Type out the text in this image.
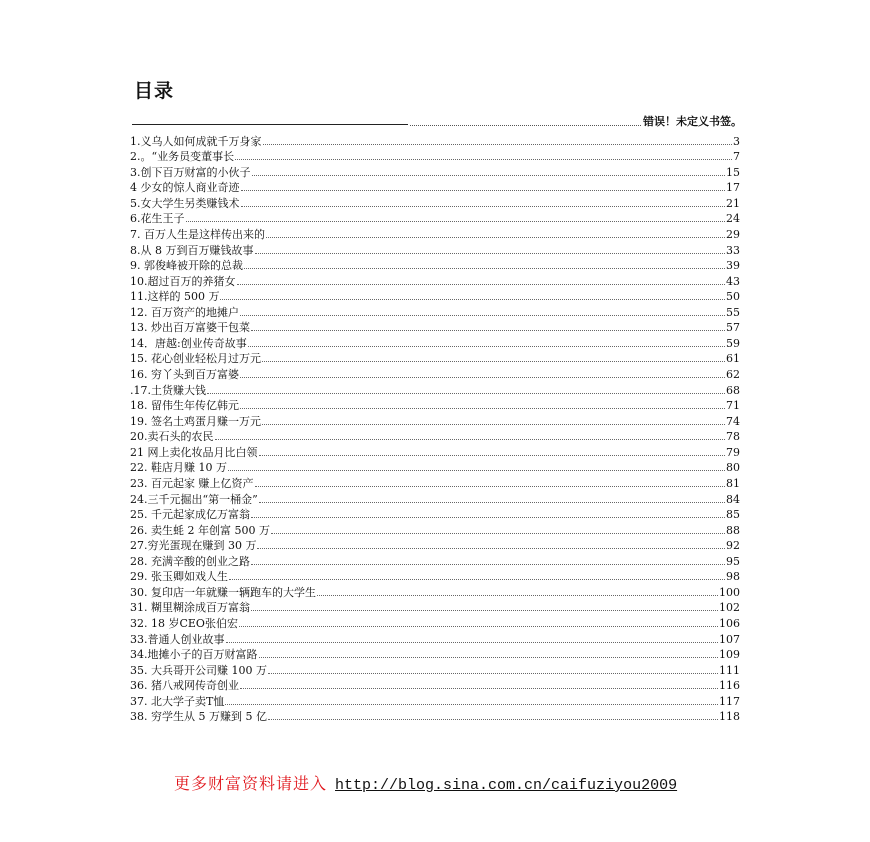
目录
错误！未定义书签。
1.义乌人如何成就千万身家	3
2.。“业务员变董事长	7
3.创下百万财富的小伙子	15
4 少女的惊人商业奇迹	17
5.女大学生另类赚钱术	21
6.花生王子	24
7. 百万人生是这样传出来的	29
8.从 8 万到百万赚钱故事	33
9. 郭俊峰被开除的总裁	39
10.超过百万的养猪女	43
11.这样的 500 万	50
12. 百万资产的地摊户	55
13. 炒出百万富婆干包菜	57
14．唐越:创业传奇故事	59
15. 花心创业轻松月过万元	61
16. 穷丫头到百万富婆	62
.17.土货赚大钱	68
18. 留伟生年传亿韩元	71
19. 签名土鸡蛋月赚一万元	74
20.卖石头的农民	78
21 网上卖化妆品月比白领	79
22. 鞋店月赚 10 万	80
23. 百元起家 赚上亿资产	81
24.三千元掘出“第一桶金”	84
25. 千元起家成亿万富翁	85
26. 卖生蚝 2 年创富 500 万	88
27.穷光蛋现在赚到 30 万	92
28. 充满辛酸的创业之路	95
29. 张玉卿如戏人生	98
30. 复印店一年就赚一辆跑车的大学生	100
31. 糊里糊涂成百万富翁	102
32. 18 岁CEO张伯宏	106
33.普通人创业故事	107
34.地摊小子的百万财富路	109
35. 大兵哥开公司赚 100 万	111
36. 猪八戒网传奇创业	116
37. 北大学子卖T恤	117
38. 穷学生从 5 万赚到 5 亿	118
更多财富资料请进入 http://blog.sina.com.cn/caifuziyou2009
